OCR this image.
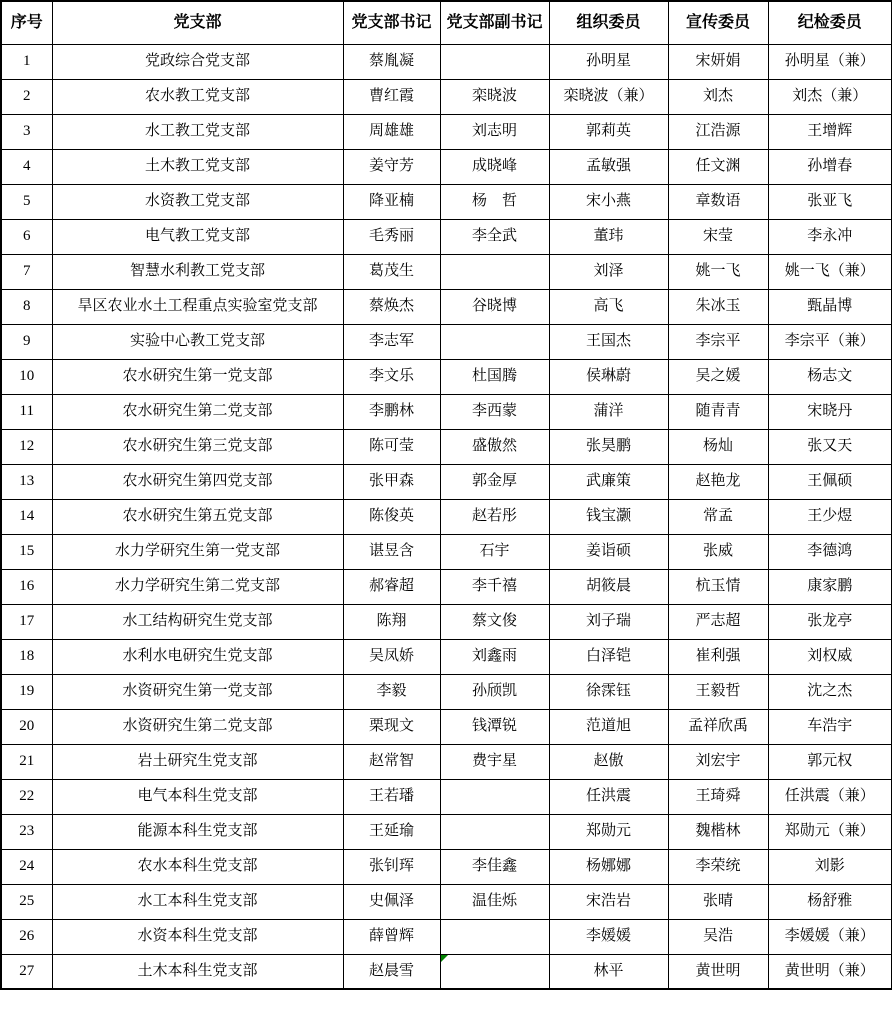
序号	党支部	党支部书记	党支部副书记	组织委员	宣传委员	纪检委员
1	党政综合党支部	蔡胤凝		孙明星	宋妍娟	孙明星（兼）
2	农水教工党支部	曹红霞	栾晓波	栾晓波（兼）	刘杰	刘杰（兼）
3	水工教工党支部	周雄雄	刘志明	郭莉英	江浩源	王增辉
4	土木教工党支部	姜守芳	成晓峰	孟敏强	任文渊	孙增春
5	水资教工党支部	降亚楠	杨　哲	宋小燕	章数语	张亚飞
6	电气教工党支部	毛秀丽	李全武	董玮	宋莹	李永冲
7	智慧水利教工党支部	葛茂生		刘泽	姚一飞	姚一飞（兼）
8	旱区农业水土工程重点实验室党支部	蔡焕杰	谷晓博	高飞	朱冰玉	甄晶博
9	实验中心教工党支部	李志军		王国杰	李宗平	李宗平（兼）
10	农水研究生第一党支部	李文乐	杜国腾	侯琳蔚	吴之媛	杨志文
11	农水研究生第二党支部	李鹏林	李西蒙	蒲洋	随青青	宋晓丹
12	农水研究生第三党支部	陈可莹	盛傲然	张昊鹏	杨灿	张又天
13	农水研究生第四党支部	张甲森	郭金厚	武廉策	赵艳龙	王佩硕
14	农水研究生第五党支部	陈俊英	赵若彤	钱宝灏	常孟	王少煜
15	水力学研究生第一党支部	谌昱含	石宇	姜诣硕	张威	李德鸿
16	水力学研究生第二党支部	郝睿超	李千禧	胡筱晨	杭玉情	康家鹏
17	水工结构研究生党支部	陈翔	蔡文俊	刘子瑞	严志超	张龙亭
18	水利水电研究生党支部	吴凤娇	刘鑫雨	白泽铠	崔利强	刘权威
19	水资研究生第一党支部	李毅	孙颀凯	徐霂钰	王毅哲	沈之杰
20	水资研究生第二党支部	栗现文	钱潭锐	范道旭	孟祥欣禹	车浩宇
21	岩土研究生党支部	赵常智	费宇星	赵傲	刘宏宇	郭元权
22	电气本科生党支部	王若璠		任洪震	王琦舜	任洪震（兼）
23	能源本科生党支部	王延瑜		郑勋元	魏楷林	郑勋元（兼）
24	农水本科生党支部	张钊珲	李佳鑫	杨娜娜	李荣统	刘影
25	水工本科生党支部	史佩泽	温佳烁	宋浩岩	张晴	杨舒雅
26	水资本科生党支部	薛曾辉		李媛媛	吴浩	李媛媛（兼）
27	土木本科生党支部	赵晨雪		林平	黄世明	黄世明（兼）
